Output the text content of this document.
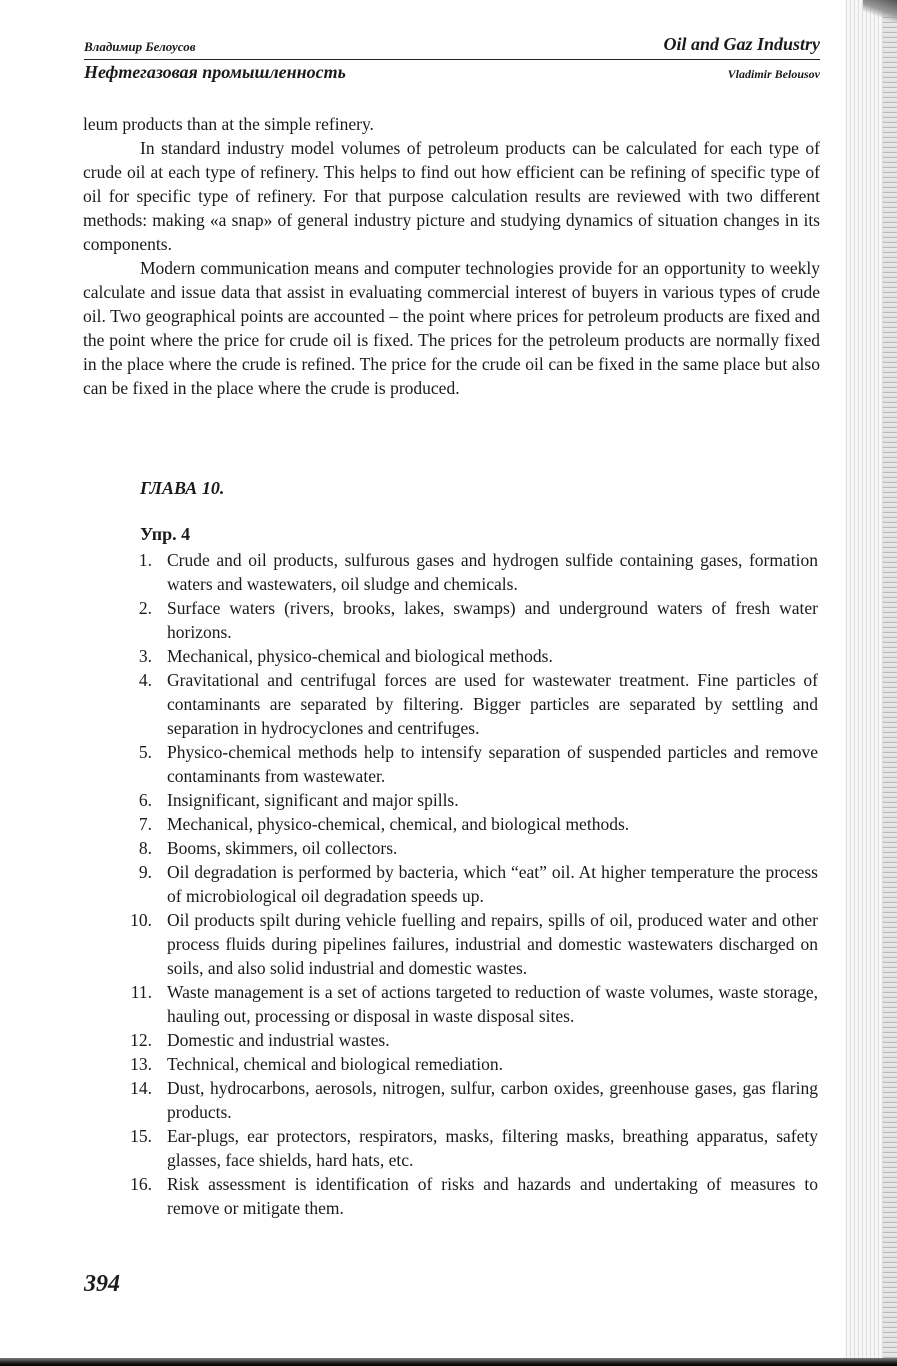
Владимир Белоусов	Oil and Gaz Industry
Нефтегазовая промышленность	Vladimir Belousov

leum products than at the simple refinery.

In standard industry model volumes of petroleum products can be calculated for each type of crude oil at each type of refinery. This helps to find out how efficient can be refining of specific type of oil for specific type of refinery. For that purpose calculation results are reviewed with two different methods: making «a snap» of general industry picture and studying dynamics of situation changes in its components.

Modern communication means and computer technologies provide for an opportunity to weekly calculate and issue data that assist in evaluating commercial interest of buyers in various types of crude oil. Two geographical points are accounted – the point where prices for petroleum products are fixed and the point where the price for crude oil is fixed. The prices for the petroleum products are normally fixed in the place where the crude is refined. The price for the crude oil can be fixed in the same place but also can be fixed in the place where the crude is produced.

ГЛАВА 10.
Упр. 4
1. Crude and oil products, sulfurous gases and hydrogen sulfide containing gases, formation waters and wastewaters, oil sludge and chemicals.
2. Surface waters (rivers, brooks, lakes, swamps) and underground waters of fresh water horizons.
3. Mechanical, physico-chemical and biological methods.
4. Gravitational and centrifugal forces are used for wastewater treatment. Fine particles of contaminants are separated by filtering. Bigger particles are separated by settling and separation in hydrocyclones and centrifuges.
5. Physico-chemical methods help to intensify separation of suspended particles and remove contaminants from wastewater.
6. Insignificant, significant and major spills.
7. Mechanical, physico-chemical, chemical, and biological methods.
8. Booms, skimmers, oil collectors.
9. Oil degradation is performed by bacteria, which “eat” oil. At higher temperature the process of microbiological oil degradation speeds up.
10. Oil products spilt during vehicle fuelling and repairs, spills of oil, produced water and other process fluids during pipelines failures, industrial and domestic wastewaters discharged on soils, and also solid industrial and domestic wastes.
11. Waste management is a set of actions targeted to reduction of waste volumes, waste storage, hauling out, processing or disposal in waste disposal sites.
12. Domestic and industrial wastes.
13. Technical, chemical and biological remediation.
14. Dust, hydrocarbons, aerosols, nitrogen, sulfur, carbon oxides, greenhouse gases, gas flaring products.
15. Ear-plugs, ear protectors, respirators, masks, filtering masks, breathing apparatus, safety glasses, face shields, hard hats, etc.
16. Risk assessment is identification of risks and hazards and undertaking of measures to remove or mitigate them.
394
